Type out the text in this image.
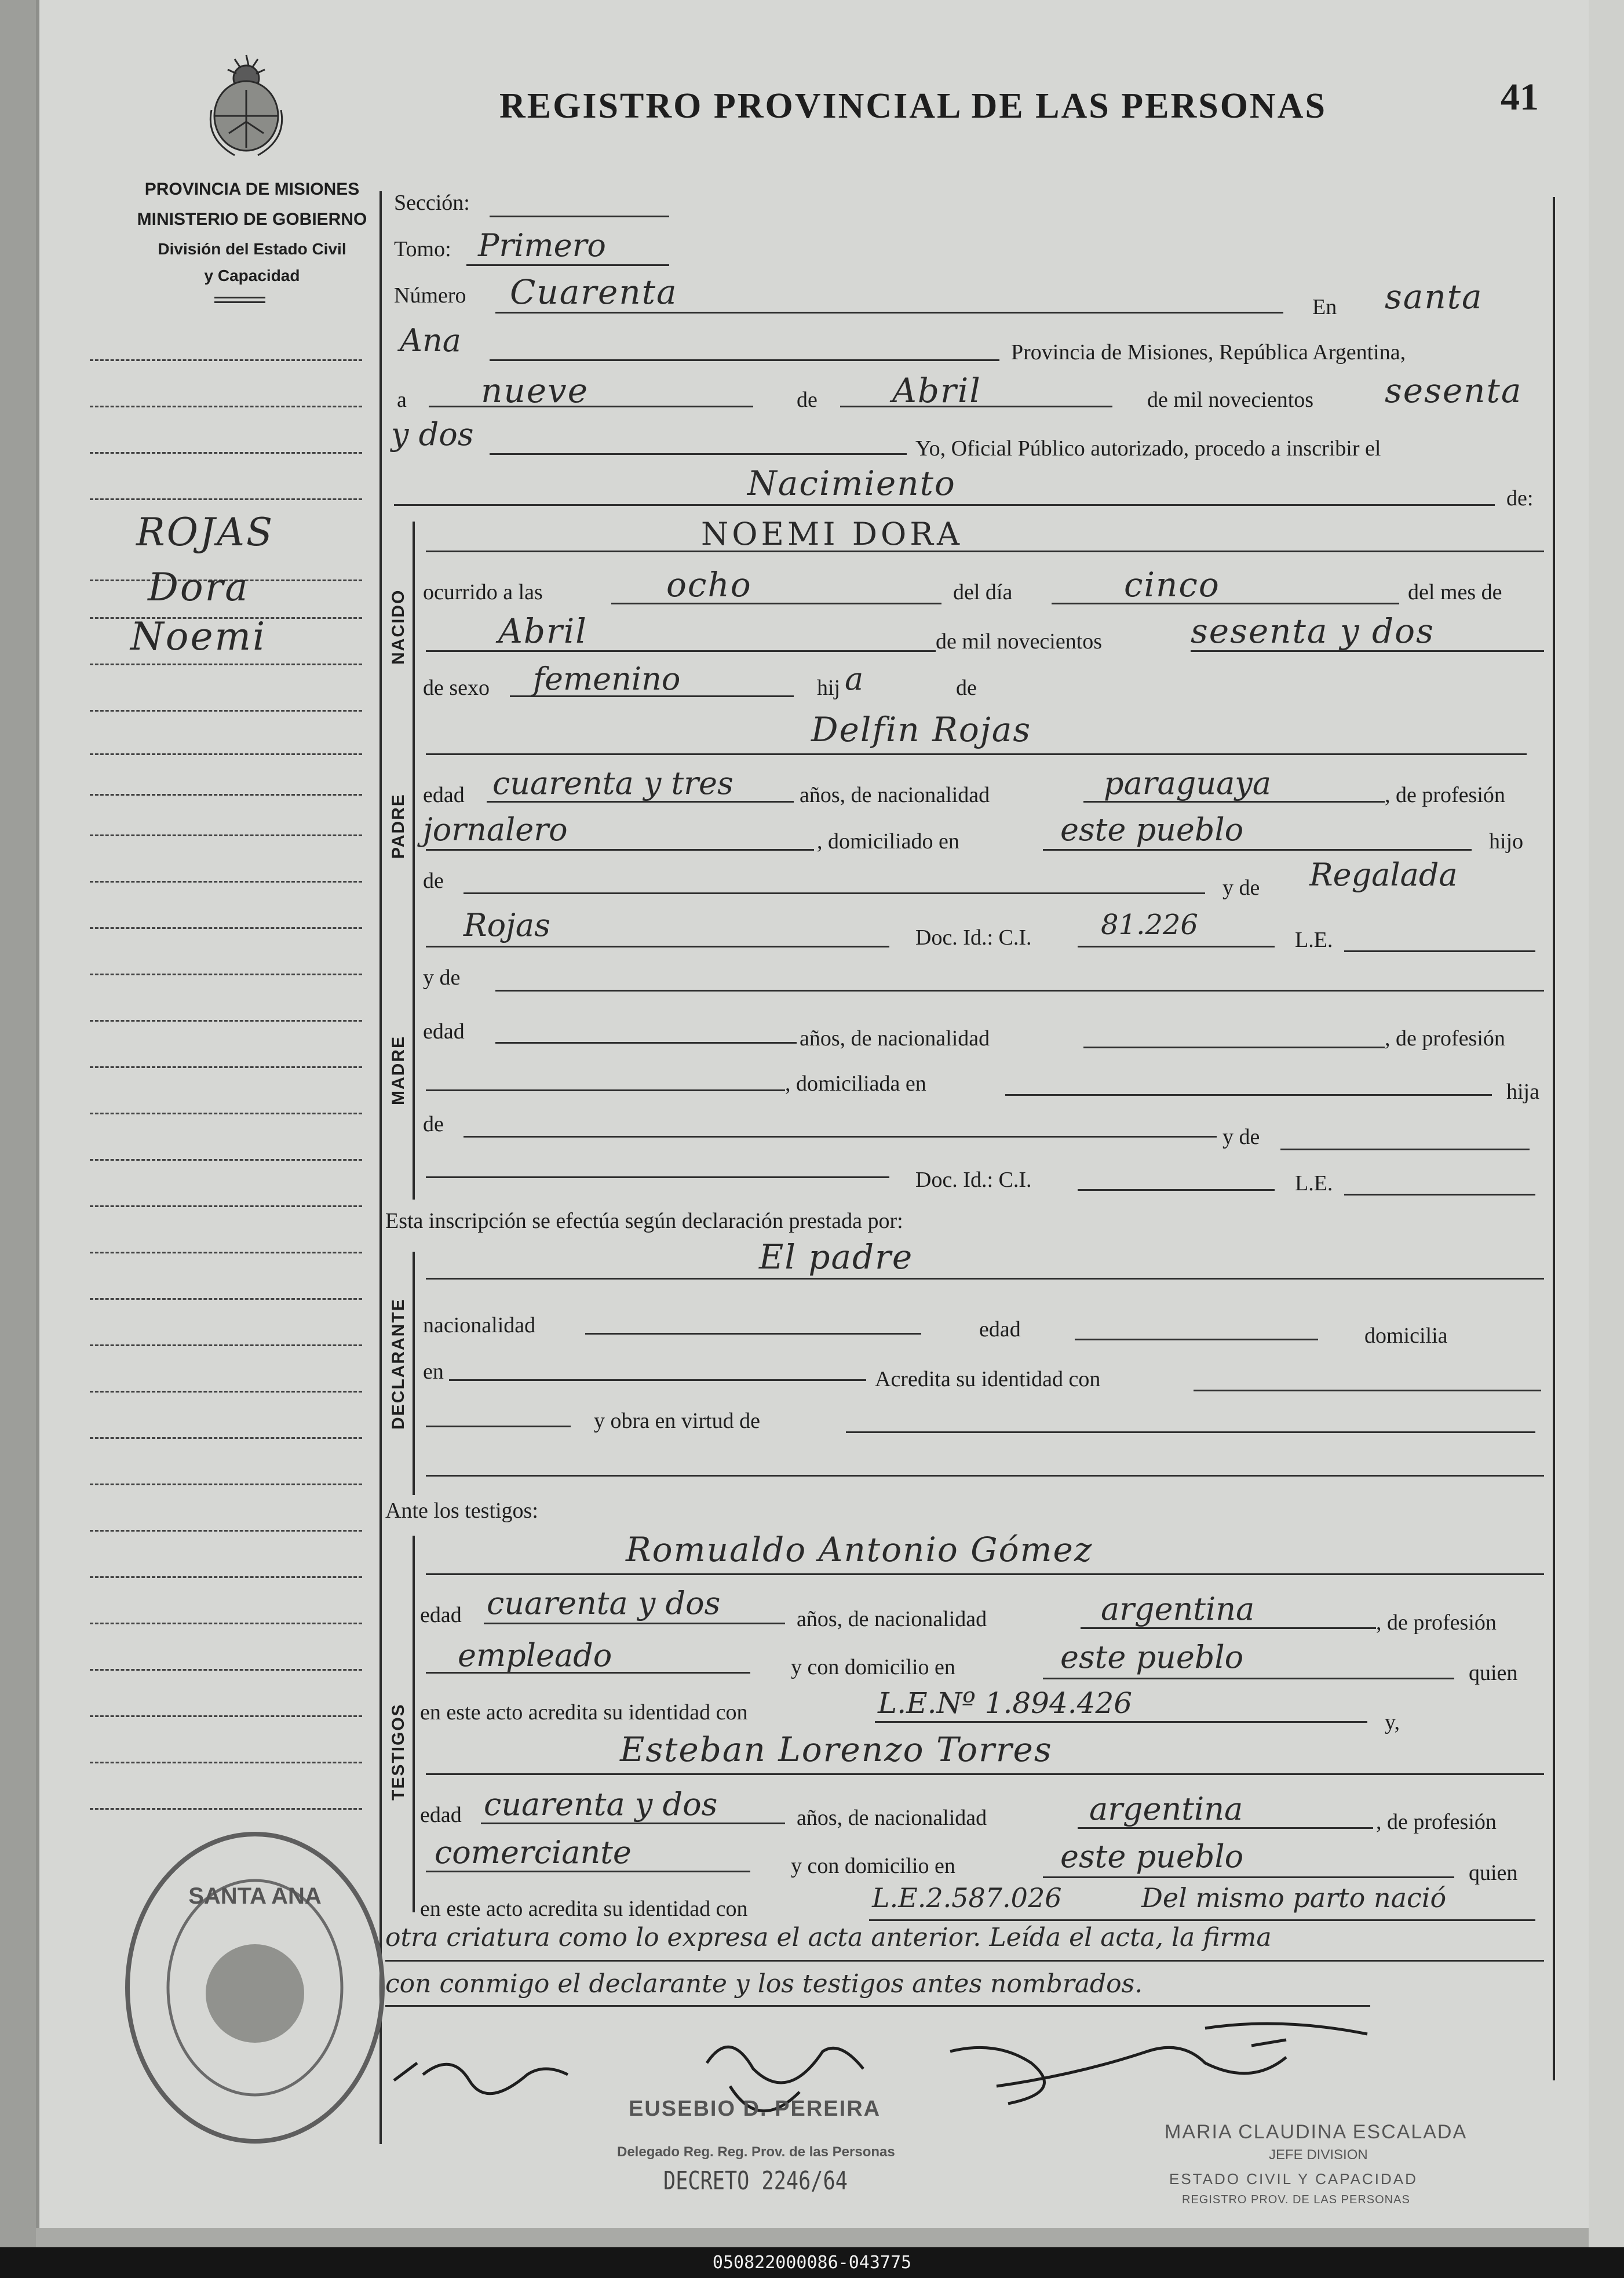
PROVINCIA DE MISIONES
MINISTERIO DE GOBIERNO
División del Estado Civil
y Capacidad
REGISTRO PROVINCIAL DE LAS PERSONAS	41
ROJAS
Dora
Noemi
Sección:
Tomo: Primero
Número Cuarenta	En santa
Ana	Provincia de Misiones, República Argentina,
a nueve	de Abril	de mil novecientos sesenta
y dos	Yo, Oficial Público autorizado, procedo a inscribir el
Nacimiento	de:
NACIDO
NOEMI DORA
ocurrido a las	ocho	del día	cinco	del mes de
Abril	de mil novecientos	sesenta y dos
de sexo femenino	hij a	de
PADRE
Delfin Rojas
edad cuarenta y tres	años, de nacionalidad	paraguaya	, de profesión
jornalero	, domiciliado en	este pueblo	hijo
de	y de Regalada
Rojas	Doc. Id.: C.I. 81.226	L.E.
MADRE
y de
edad	años, de nacionalidad	, de profesión
, domiciliada en	hija
de
y de
Doc. Id.: C.I.	L.E.
Esta inscripción se efectúa según declaración prestada por:
El padre
DECLARANTE nacionalidad	edad	domicilia
en	Acredita su identidad con
y obra en virtud de
Ante los testigos:
TESTIGOS
Romualdo Antonio Gómez
edad cuarenta y dos	años, de nacionalidad	argentina	, de profesión
empleado	y con domicilio en	este pueblo	quien
en este acto acredita su identidad con	L.E.Nº 1.894.426
y,
Esteban Lorenzo Torres
edad cuarenta y dos	años, de nacionalidad	argentina	, de profesión
comerciante	y con domicilio en	este pueblo	quien
en este acto acredita su identidad con	L.E.2.587.026	Del mismo parto nació
otra criatura como lo expresa el acta anterior. Leída el acta, la firma
con conmigo el declarante y los testigos antes nombrados.
SANTA ANA
EUSEBIO D. PEREIRA
Delegado Reg. Reg. Prov. de las Personas
DECRETO 2246/64
MARIA CLAUDINA ESCALADA
JEFE DIVISION
ESTADO CIVIL Y CAPACIDAD
REGISTRO PROV. DE LAS PERSONAS
050822000086-043775
